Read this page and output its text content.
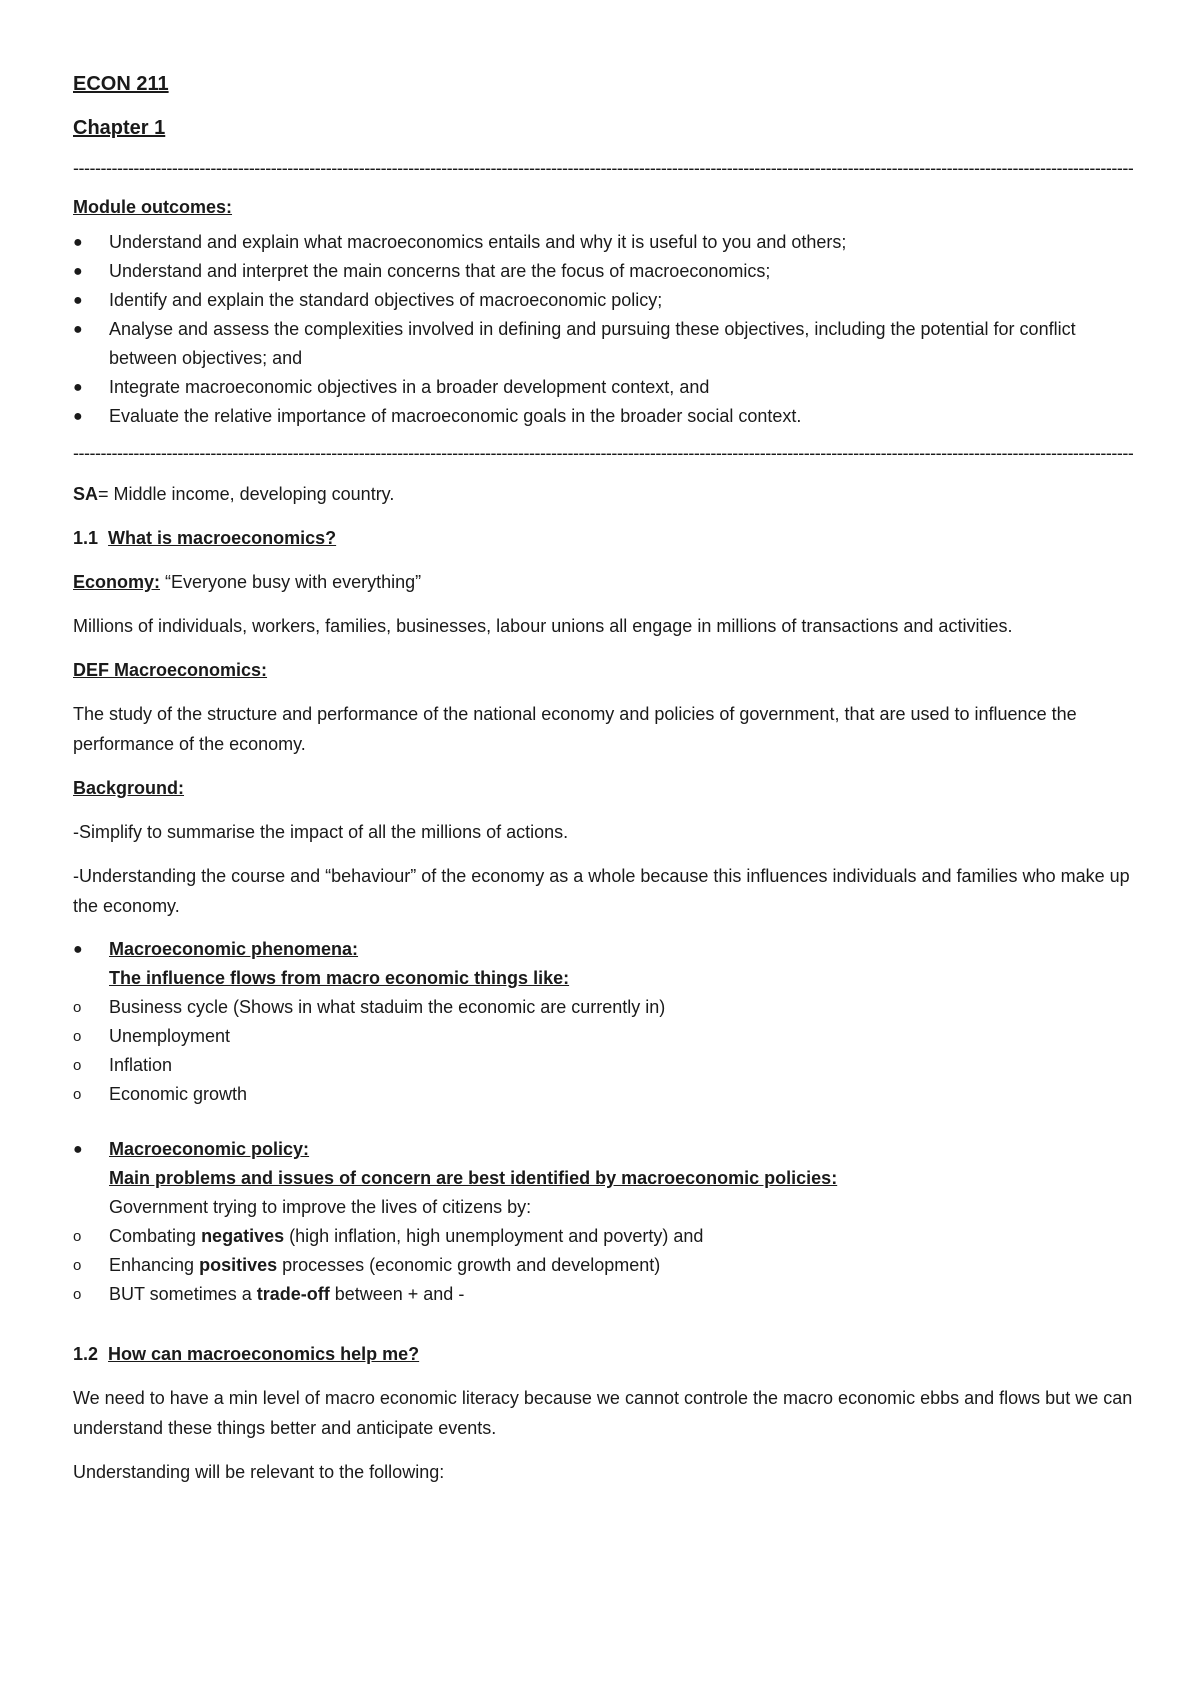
ECON 211

Chapter 1

-------------------------------------------------------------------------------------------------------------------------------------------------------------------------------------------------

Module outcomes:

●	Understand and explain what macroeconomics entails and why it is useful to you and others;
●	Understand and interpret the main concerns that are the focus of macroeconomics;
●	Identify and explain the standard objectives of macroeconomic policy;
●	Analyse and assess the complexities involved in defining and pursuing these objectives, including the potential for conflict between objectives; and
●	Integrate macroeconomic objectives in a broader development context, and
●	Evaluate the relative importance of macroeconomic goals in the broader social context.

-------------------------------------------------------------------------------------------------------------------------------------------------------------------------------------------------

SA= Middle income, developing country.

1.1 What is macroeconomics?

Economy: “Everyone busy with everything”

Millions of individuals, workers, families, businesses, labour unions all engage in millions of transactions and activities.

DEF Macroeconomics:

The study of the structure and performance of the national economy and policies of government, that are used to influence the performance of the economy.

Background:

-Simplify to summarise the impact of all the millions of actions.

-Understanding the course and “behaviour” of the economy as a whole because this influences individuals and families who make up the economy.

●	Macroeconomic phenomena:
The influence flows from macro economic things like:
o	Business cycle (Shows in what staduim the economic are currently in)
o	Unemployment
o	Inflation
o	Economic growth
●	Macroeconomic policy:
Main problems and issues of concern are best identified by macroeconomic policies:
Government trying to improve the lives of citizens by:
o	Combating negatives (high inflation, high unemployment and poverty) and
o	Enhancing positives processes (economic growth and development)
o	BUT sometimes a trade-off between + and -

1.2 How can macroeconomics help me?

We need to have a min level of macro economic literacy because we cannot controle the macro economic ebbs and flows but we can understand these things better and anticipate events.

Understanding will be relevant to the following:
